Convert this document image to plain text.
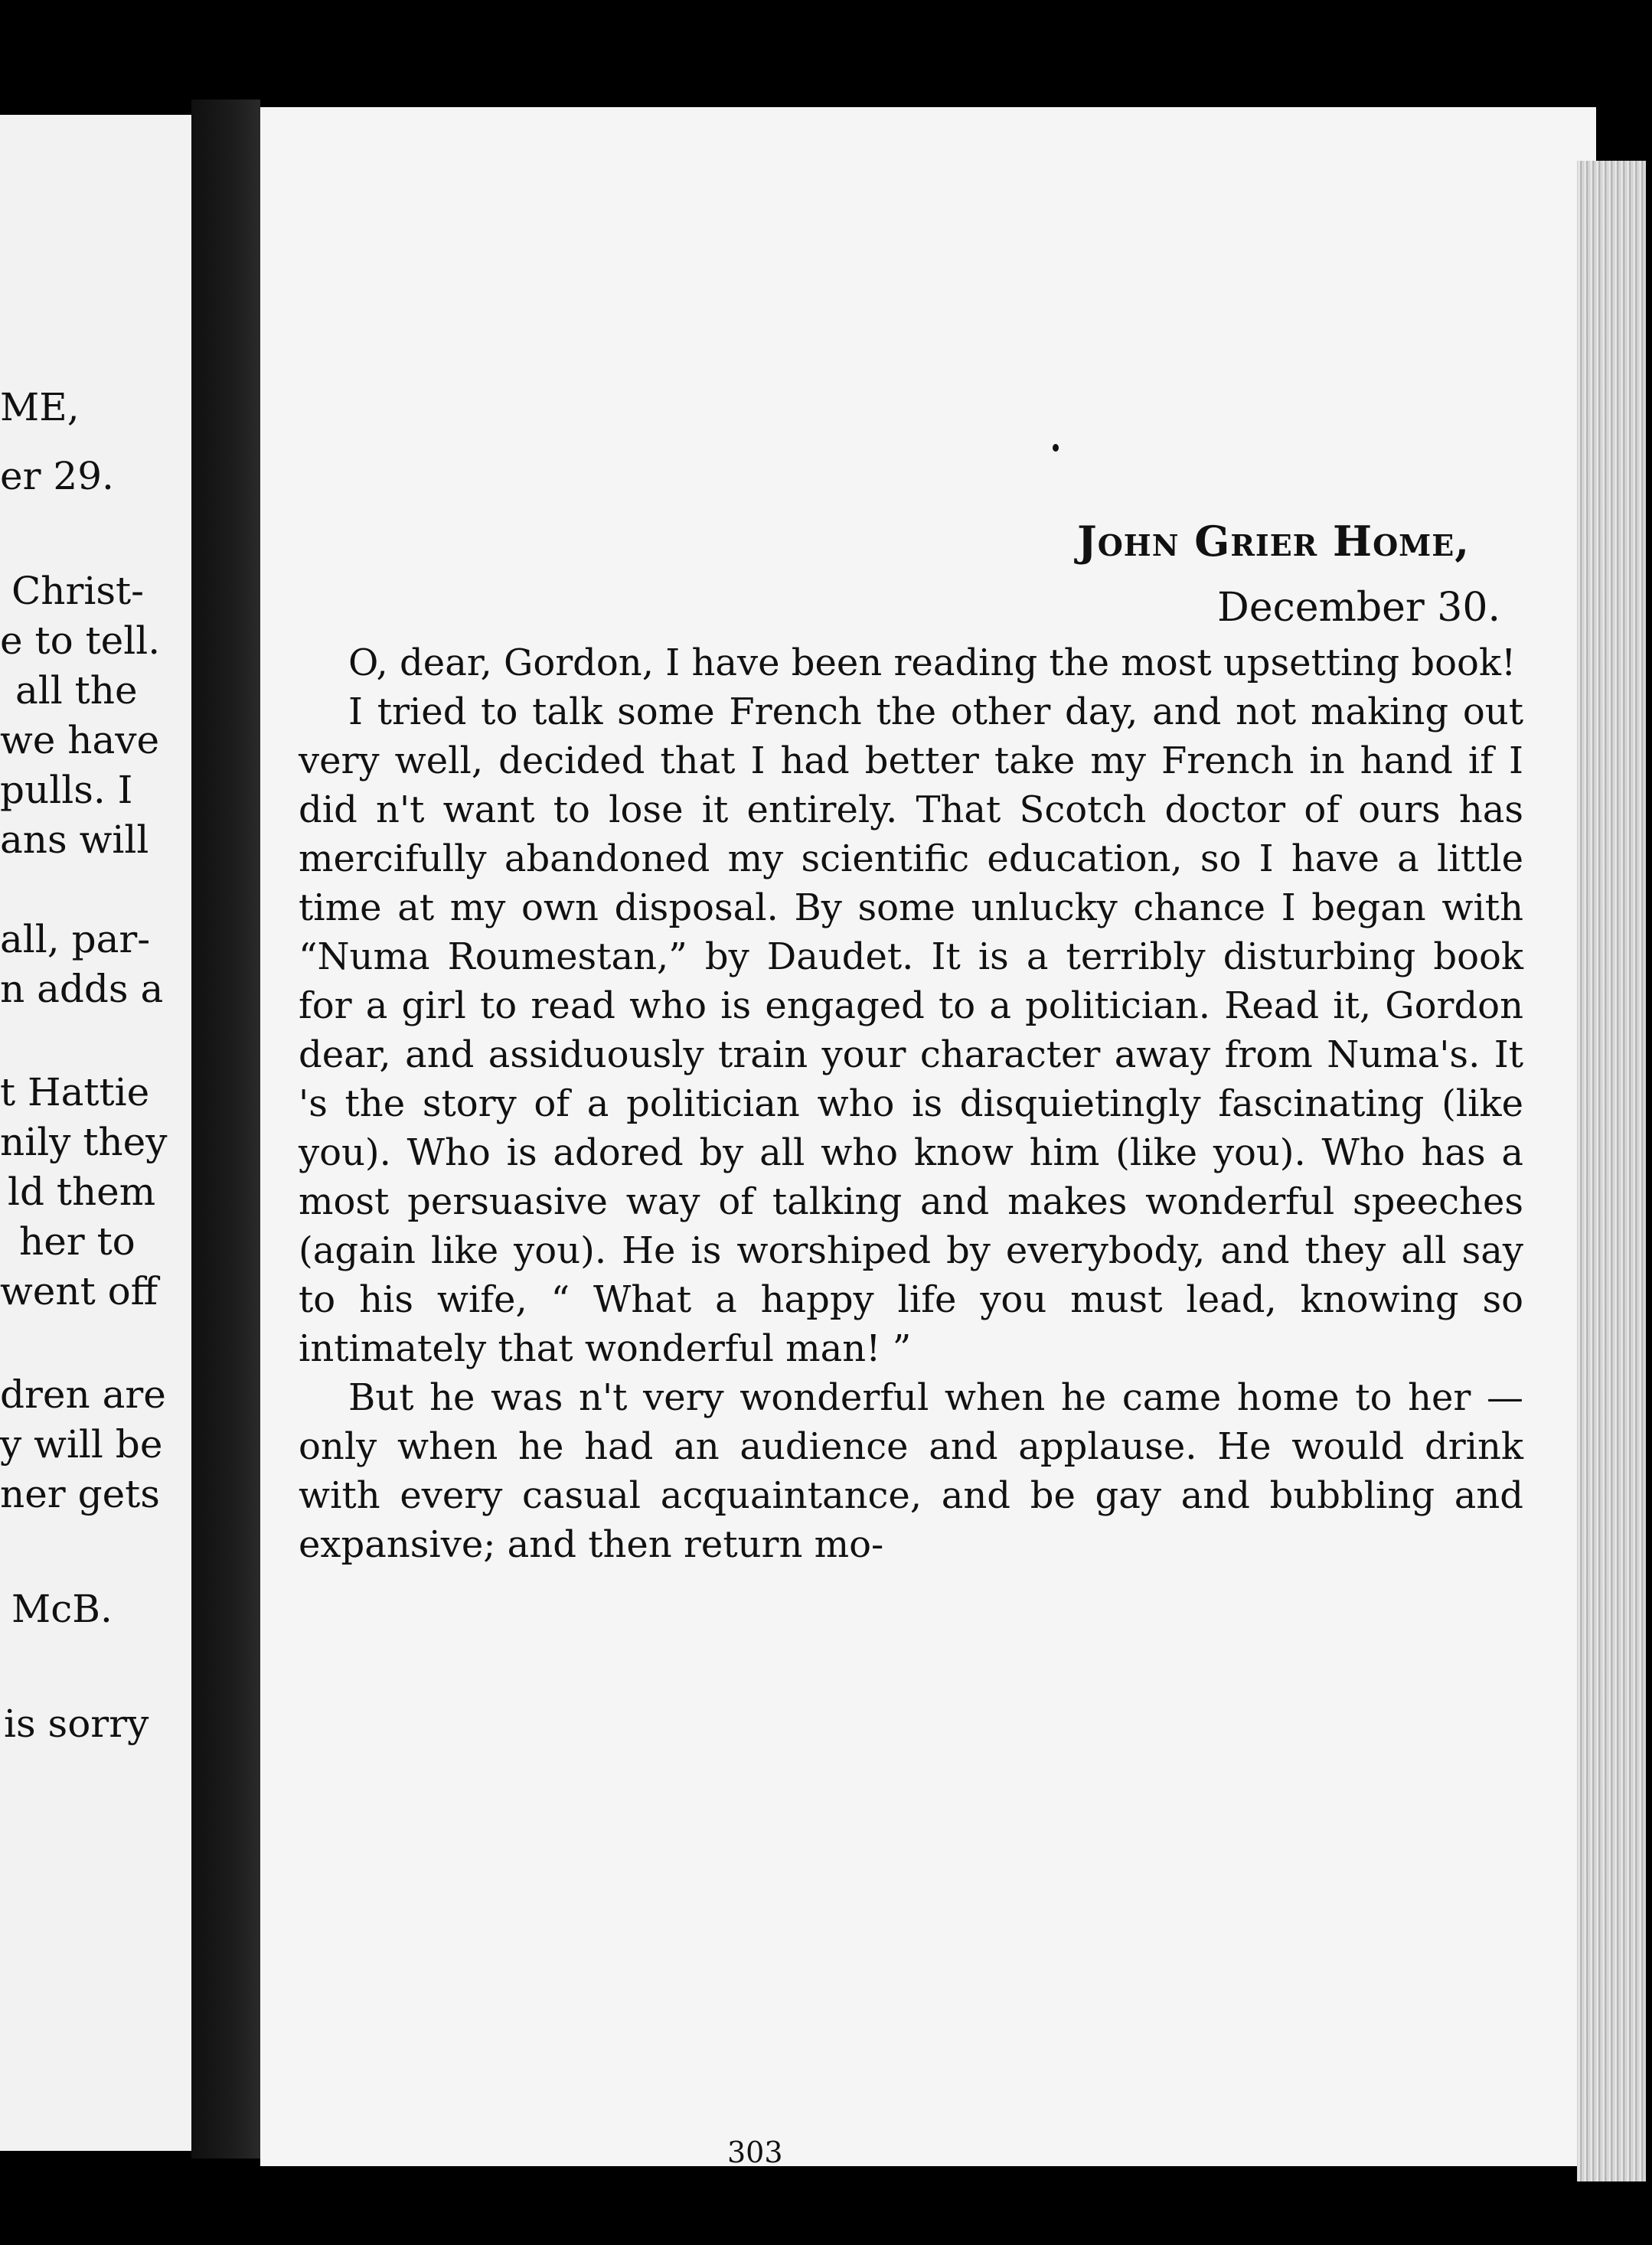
ME,
er 29.
Christ-
e to tell.
all the
we have
pulls. I
ans will
all, par-
n adds a
t Hattie
nily they
ld them
her to
went off
dren are
y will be
ner gets
McB.
is sorry

John Grier Home,

December 30.

O, dear, Gordon, I have been reading the most upsetting book!

I tried to talk some French the other day, and not making out very well, decided that I had better take my French in hand if I did n't want to lose it entirely. That Scotch doctor of ours has mercifully abandoned my scientific education, so I have a little time at my own disposal. By some unlucky chance I began with “Numa Roumestan,” by Daudet. It is a terribly disturbing book for a girl to read who is engaged to a politician. Read it, Gordon dear, and assiduously train your character away from Numa's. It 's the story of a politician who is disquietingly fascinating (like you). Who is adored by all who know him (like you). Who has a most persuasive way of talking and makes wonderful speeches (again like you). He is worshiped by everybody, and they all say to his wife, “ What a happy life you must lead, knowing so intimately that wonderful man! ”

But he was n't very wonderful when he came home to her — only when he had an audience and applause. He would drink with every casual acquaintance, and be gay and bubbling and expansive; and then return mo-

303
